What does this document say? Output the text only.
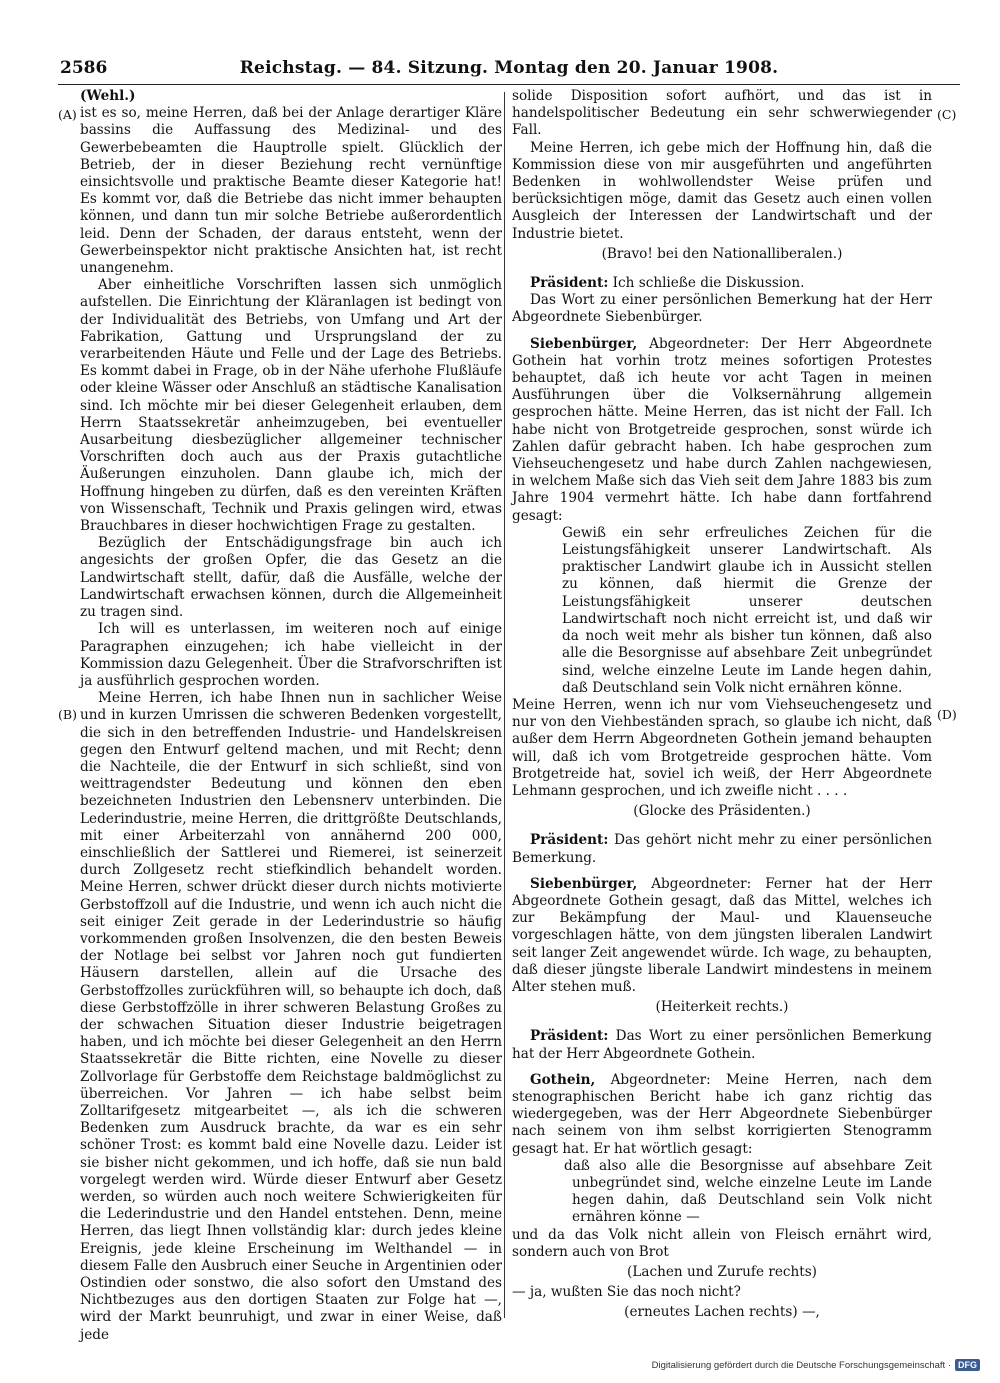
2586	Reichstag. — 84. Sitzung. Montag den 20. Januar 1908.
(A)
(B)
(C)
(D)

(Wehl.)

ist es so, meine Herren, daß bei der Anlage derartiger Kläre bassins die Auffassung des Medizinal- und des Gewerbebeamten die Hauptrolle spielt. Glücklich der Betrieb, der in dieser Beziehung recht vernünftige einsichtsvolle und praktische Beamte dieser Kategorie hat! Es kommt vor, daß die Betriebe das nicht immer behaupten können, und dann tun mir solche Betriebe außerordentlich leid. Denn der Schaden, der daraus entsteht, wenn der Gewerbeinspektor nicht praktische Ansichten hat, ist recht unangenehm.

Aber einheitliche Vorschriften lassen sich unmöglich aufstellen. Die Einrichtung der Kläranlagen ist bedingt von der Individualität des Betriebs, von Umfang und Art der Fabrikation, Gattung und Ursprungsland der zu verarbeitenden Häute und Felle und der Lage des Betriebs. Es kommt dabei in Frage, ob in der Nähe uferhohe Flußläufe oder kleine Wässer oder Anschluß an städtische Kanalisation sind. Ich möchte mir bei dieser Gelegenheit erlauben, dem Herrn Staatssekretär anheimzugeben, bei eventueller Ausarbeitung diesbezüglicher allgemeiner technischer Vorschriften doch auch aus der Praxis gutachtliche Äußerungen einzuholen. Dann glaube ich, mich der Hoffnung hingeben zu dürfen, daß es den vereinten Kräften von Wissenschaft, Technik und Praxis gelingen wird, etwas Brauchbares in dieser hochwichtigen Frage zu gestalten.

Bezüglich der Entschädigungsfrage bin auch ich angesichts der großen Opfer, die das Gesetz an die Landwirtschaft stellt, dafür, daß die Ausfälle, welche der Landwirtschaft erwachsen können, durch die Allgemeinheit zu tragen sind.

Ich will es unterlassen, im weiteren noch auf einige Paragraphen einzugehen; ich habe vielleicht in der Kommission dazu Gelegenheit. Über die Strafvorschriften ist ja ausführlich gesprochen worden.

Meine Herren, ich habe Ihnen nun in sachlicher Weise und in kurzen Umrissen die schweren Bedenken vorgestellt, die sich in den betreffenden Industrie- und Handelskreisen gegen den Entwurf geltend machen, und mit Recht; denn die Nachteile, die der Entwurf in sich schließt, sind von weittragendster Bedeutung und können den eben bezeichneten Industrien den Lebensnerv unterbinden. Die Lederindustrie, meine Herren, die drittgrößte Deutschlands, mit einer Arbeiterzahl von annähernd 200 000, einschließlich der Sattlerei und Riemerei, ist seinerzeit durch Zollgesetz recht stiefkindlich behandelt worden. Meine Herren, schwer drückt dieser durch nichts motivierte Gerbstoffzoll auf die Industrie, und wenn ich auch nicht die seit einiger Zeit gerade in der Lederindustrie so häufig vorkommenden großen Insolvenzen, die den besten Beweis der Notlage bei selbst vor Jahren noch gut fundierten Häusern darstellen, allein auf die Ursache des Gerbstoffzolles zurückführen will, so behaupte ich doch, daß diese Gerbstoffzölle in ihrer schweren Belastung Großes zu der schwachen Situation dieser Industrie beigetragen haben, und ich möchte bei dieser Gelegenheit an den Herrn Staatssekretär die Bitte richten, eine Novelle zu dieser Zollvorlage für Gerbstoffe dem Reichstage baldmöglichst zu überreichen. Vor Jahren — ich habe selbst beim Zolltarifgesetz mitgearbeitet —, als ich die schweren Bedenken zum Ausdruck brachte, da war es ein sehr schöner Trost: es kommt bald eine Novelle dazu. Leider ist sie bisher nicht gekommen, und ich hoffe, daß sie nun bald vorgelegt werden wird. Würde dieser Entwurf aber Gesetz werden, so würden auch noch weitere Schwierigkeiten für die Lederindustrie und den Handel entstehen. Denn, meine Herren, das liegt Ihnen vollständig klar: durch jedes kleine Ereignis, jede kleine Erscheinung im Welthandel — in diesem Falle den Ausbruch einer Seuche in Argentinien oder Ostindien oder sonstwo, die also sofort den Umstand des Nichtbezuges aus den dortigen Staaten zur Folge hat —, wird der Markt beunruhigt, und zwar in einer Weise, daß jede

solide Disposition sofort aufhört, und das ist in handelspolitischer Bedeutung ein sehr schwerwiegender Fall.

Meine Herren, ich gebe mich der Hoffnung hin, daß die Kommission diese von mir ausgeführten und angeführten Bedenken in wohlwollendster Weise prüfen und berücksichtigen möge, damit das Gesetz auch einen vollen Ausgleich der Interessen der Landwirtschaft und der Industrie bietet.

(Bravo! bei den Nationalliberalen.)

Präsident: Ich schließe die Diskussion.

Das Wort zu einer persönlichen Bemerkung hat der Herr Abgeordnete Siebenbürger.

Siebenbürger, Abgeordneter: Der Herr Abgeordnete Gothein hat vorhin trotz meines sofortigen Protestes behauptet, daß ich heute vor acht Tagen in meinen Ausführungen über die Volksernährung allgemein gesprochen hätte. Meine Herren, das ist nicht der Fall. Ich habe nicht von Brotgetreide gesprochen, sonst würde ich Zahlen dafür gebracht haben. Ich habe gesprochen zum Viehseuchengesetz und habe durch Zahlen nachgewiesen, in welchem Maße sich das Vieh seit dem Jahre 1883 bis zum Jahre 1904 vermehrt hätte. Ich habe dann fortfahrend gesagt:

Gewiß ein sehr erfreuliches Zeichen für die Leistungsfähigkeit unserer Landwirtschaft. Als praktischer Landwirt glaube ich in Aussicht stellen zu können, daß hiermit die Grenze der Leistungsfähigkeit unserer deutschen Landwirtschaft noch nicht erreicht ist, und daß wir da noch weit mehr als bisher tun können, daß also alle die Besorgnisse auf absehbare Zeit unbegründet sind, welche einzelne Leute im Lande hegen dahin, daß Deutschland sein Volk nicht ernähren könne.

Meine Herren, wenn ich nur vom Viehseuchengesetz und nur von den Viehbeständen sprach, so glaube ich nicht, daß außer dem Herrn Abgeordneten Gothein jemand behaupten will, daß ich vom Brotgetreide gesprochen hätte. Vom Brotgetreide hat, soviel ich weiß, der Herr Abgeordnete Lehmann gesprochen, und ich zweifle nicht . . . .

(Glocke des Präsidenten.)

Präsident: Das gehört nicht mehr zu einer persönlichen Bemerkung.

Siebenbürger, Abgeordneter: Ferner hat der Herr Abgeordnete Gothein gesagt, daß das Mittel, welches ich zur Bekämpfung der Maul- und Klauenseuche vorgeschlagen hätte, von dem jüngsten liberalen Landwirt seit langer Zeit angewendet würde. Ich wage, zu behaupten, daß dieser jüngste liberale Landwirt mindestens in meinem Alter stehen muß.

(Heiterkeit rechts.)

Präsident: Das Wort zu einer persönlichen Bemerkung hat der Herr Abgeordnete Gothein.

Gothein, Abgeordneter: Meine Herren, nach dem stenographischen Bericht habe ich ganz richtig das wiedergegeben, was der Herr Abgeordnete Siebenbürger nach seinem von ihm selbst korrigierten Stenogramm gesagt hat. Er hat wörtlich gesagt:

daß also alle die Besorgnisse auf absehbare Zeit unbegründet sind, welche einzelne Leute im Lande hegen dahin, daß Deutschland sein Volk nicht ernähren könne —

und da das Volk nicht allein von Fleisch ernährt wird, sondern auch von Brot

(Lachen und Zurufe rechts)

— ja, wußten Sie das noch nicht?

(erneutes Lachen rechts) —,

Digitalisierung gefördert durch die Deutsche Forschungsgemeinschaft · DFG
